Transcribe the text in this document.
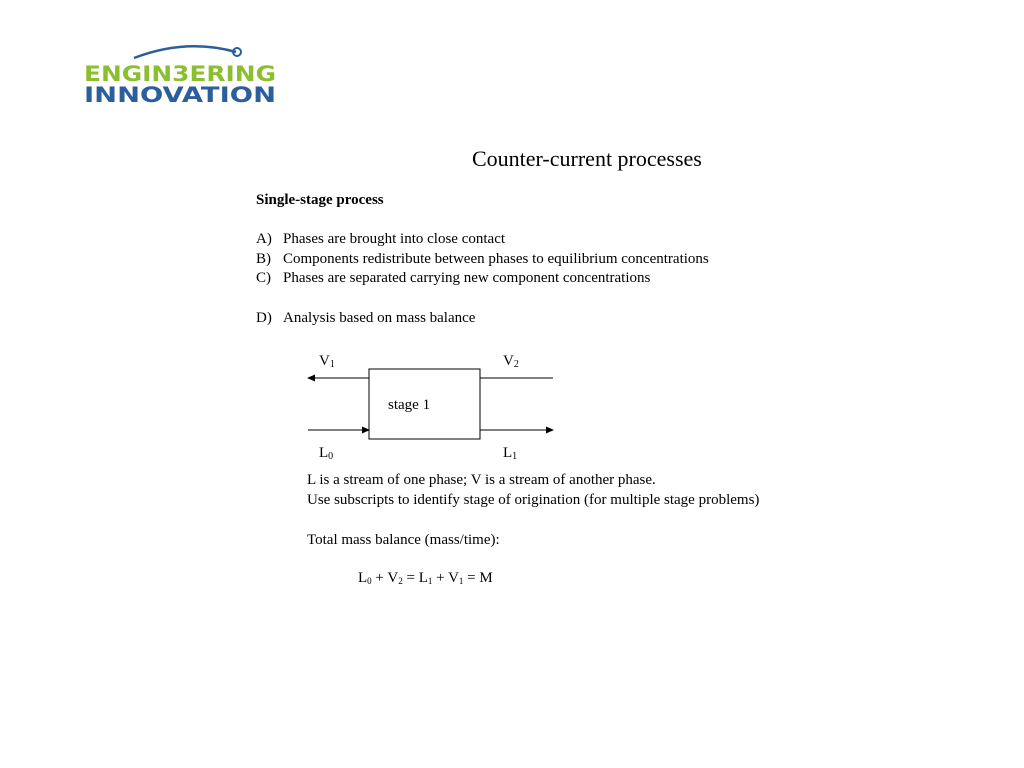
ENGIN3ERING
INNOVATION
Counter-current processes
Single-stage process
A) Phases are brought into close contact
B) Components redistribute between phases to equilibrium concentrations
C) Phases are separated carrying new component concentrations
D) Analysis based on mass balance
stage 1
$V_1$	$V_2$
$L_0$	$L_1$
L is a stream of one phase; V is a stream of another phase.
Use subscripts to identify stage of origination (for multiple stage problems)
Total mass balance (mass/time):
$L_0 + V_2 = L_1 + V_1 = M$
